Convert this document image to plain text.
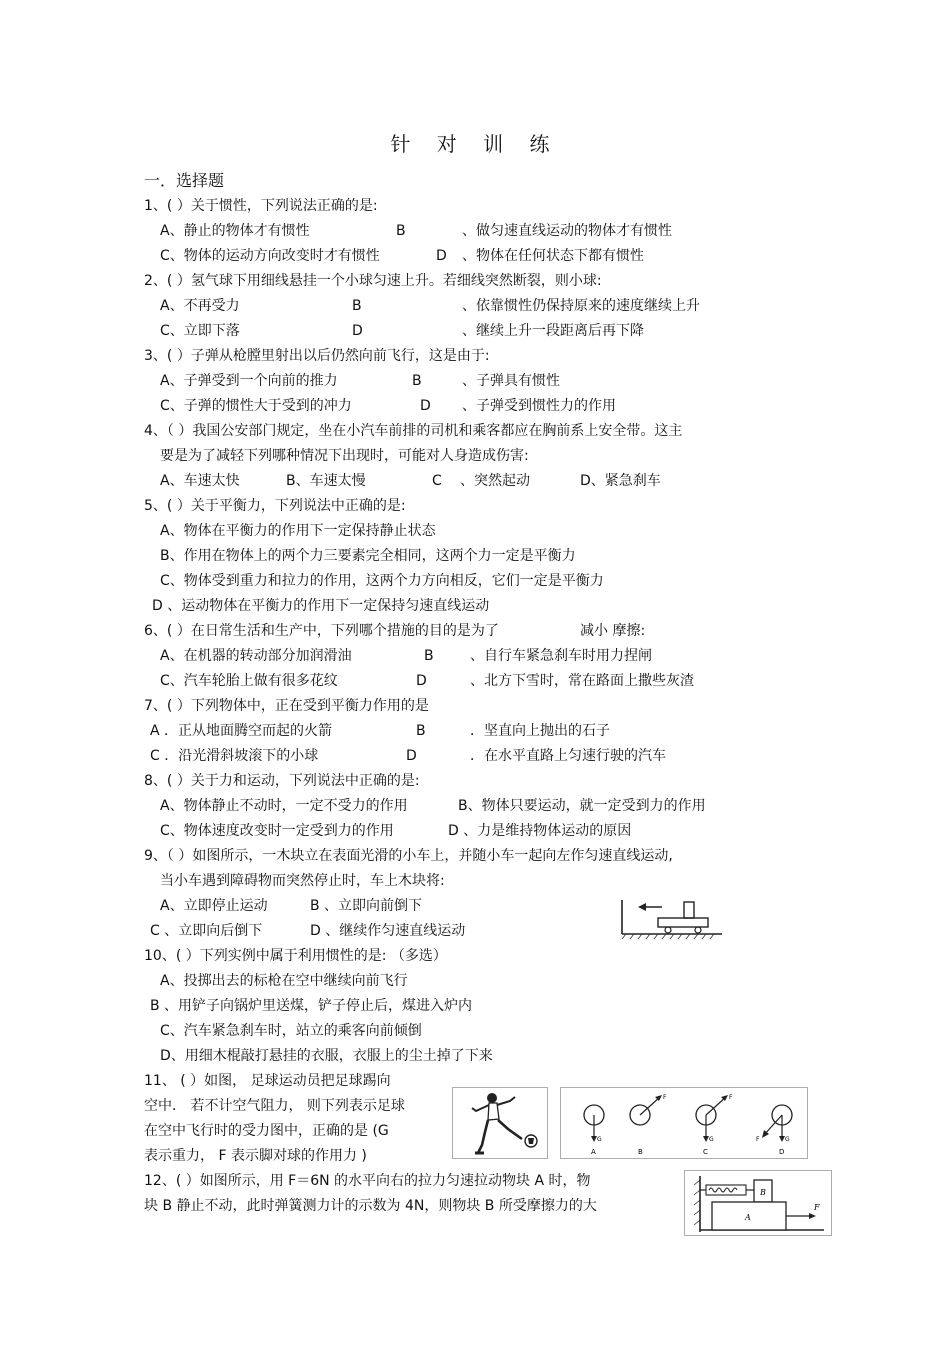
针 对 训 练
一．选择题
1、( ）关于惯性，下列说法正确的是:
A、静止的物体才有惯性	B	、做匀速直线运动的物体才有惯性
C、物体的运动方向改变时才有惯性	D 、物体在任何状态下都有惯性
2、( ）氢气球下用细线悬挂一个小球匀速上升。若细线突然断裂，则小球:
A、不再受力	B	、依靠惯性仍保持原来的速度继续上升
C、立即下落	D	、继续上升一段距离后再下降
3、( ）子弹从枪膛里射出以后仍然向前飞行，这是由于:
A、子弹受到一个向前的推力	B	、子弹具有惯性
C、子弹的惯性大于受到的冲力	D 、子弹受到惯性力的作用
4、（ ）我国公安部门规定，坐在小汽车前排的司机和乘客都应在胸前系上安全带。这主
要是为了减轻下列哪种情况下出现时，可能对人身造成伤害:
A、车速太快	B、车速太慢	C 、突然起动	D、紧急刹车
5、( ）关于平衡力，下列说法中正确的是:
A、物体在平衡力的作用下一定保持静止状态
B、作用在物体上的两个力三要素完全相同，这两个力一定是平衡力
C、物体受到重力和拉力的作用，这两个力方向相反，它们一定是平衡力
D 、运动物体在平衡力的作用下一定保持匀速直线运动
6、( ）在日常生活和生产中，下列哪个措施的目的是为了	减小 摩擦:
A、在机器的转动部分加润滑油	B	、自行车紧急刹车时用力捏闸
C、汽车轮胎上做有很多花纹	D	、北方下雪时，常在路面上撒些灰渣
7、( ）下列物体中，正在受到平衡力作用的是
A ．正从地面腾空而起的火箭	B	．坚直向上抛出的石子
C ．沿光滑斜坡滚下的小球	D	．在水平直路上匀速行驶的汽车
8、( ）关于力和运动，下列说法中正确的是:
A、物体静止不动时，一定不受力的作用	B、物体只要运动，就一定受到力的作用
C、物体速度改变时一定受到力的作用	D 、力是维持物体运动的原因
9、（ ）如图所示，一木块立在表面光滑的小车上，并随小车一起向左作匀速直线运动,
当小车遇到障碍物而突然停止时，车上木块将:
A、立即停止运动	B 、立即向前倒下
C 、立即向后倒下	D 、继续作匀速直线运动
10、( ）下列实例中属于利用惯性的是: （多选）
A、投掷出去的标枪在空中继续向前飞行
B 、用铲子向锅炉里送煤，铲子停止后，煤进入炉内
C、汽车紧急刹车时，站立的乘客向前倾倒
D、用细木棍敲打悬挂的衣服，衣服上的尘土掉了下来
11、 ( ）如图， 足球运动员把足球踢向
空中． 若不计空气阻力， 则下列表示足球
在空中飞行时的受力图中，正确的是 (G
表示重力， F 表示脚对球的作用力 )
12、( ）如图所示，用 F＝6N 的水平向右的拉力匀速拉动物块 A 时，物
块 B 静止不动，此时弹簧测力计的示数为 4N，则物块 B 所受摩擦力的大
G
A
F
B
F
G
C
F	G
D
B
A
F
